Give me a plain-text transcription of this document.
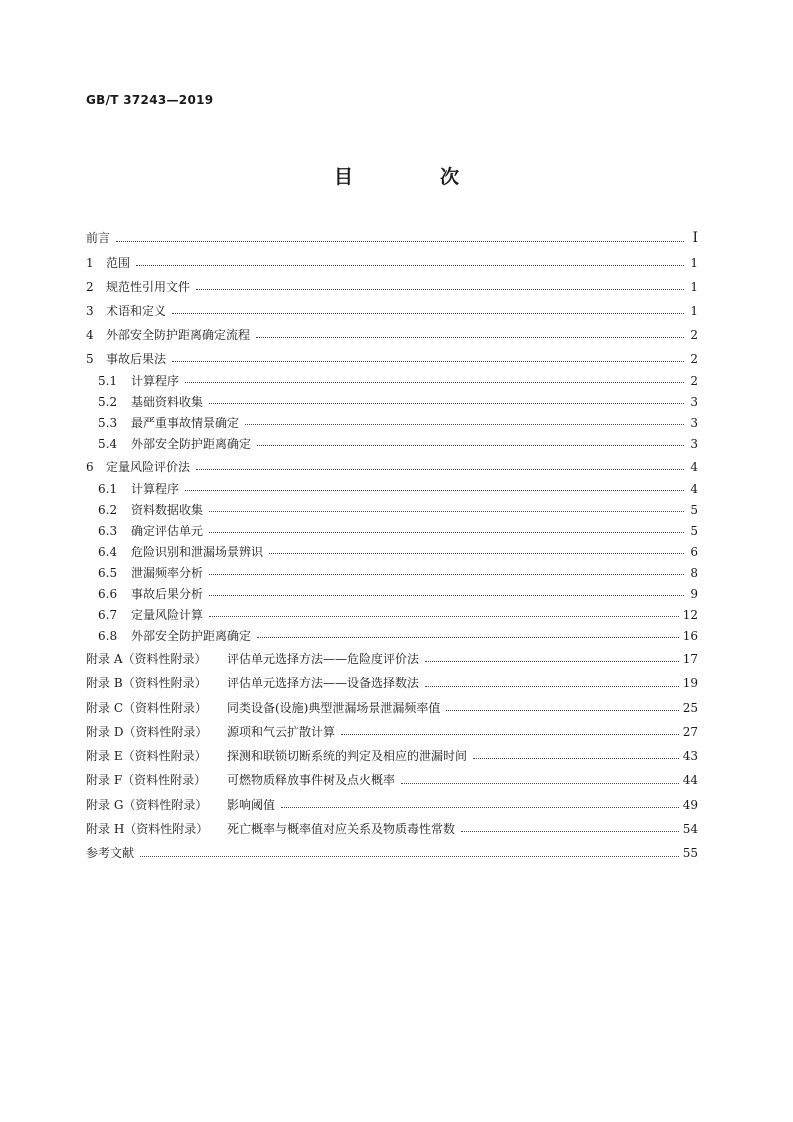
GB/T 37243—2019
目　次
前言	Ⅰ
1	范围	1
2	规范性引用文件	1
3	术语和定义	1
4	外部安全防护距离确定流程	2
5	事故后果法	2
5.1	计算程序	2
5.2	基础资料收集	3
5.3	最严重事故情景确定	3
5.4	外部安全防护距离确定	3
6	定量风险评价法	4
6.1	计算程序	4
6.2	资料数据收集	5
6.3	确定评估单元	5
6.4	危险识别和泄漏场景辨识	6
6.5	泄漏频率分析	8
6.6	事故后果分析	9
6.7	定量风险计算	12
6.8	外部安全防护距离确定	16
附录 A（资料性附录）	评估单元选择方法——危险度评价法	17
附录 B（资料性附录）	评估单元选择方法——设备选择数法	19
附录 C（资料性附录）	同类设备(设施)典型泄漏场景泄漏频率值	25
附录 D（资料性附录）	源项和气云扩散计算	27
附录 E（资料性附录）	探测和联锁切断系统的判定及相应的泄漏时间	43
附录 F（资料性附录）	可燃物质释放事件树及点火概率	44
附录 G（资料性附录）	影响阈值	49
附录 H（资料性附录）	死亡概率与概率值对应关系及物质毒性常数	54
参考文献	55
